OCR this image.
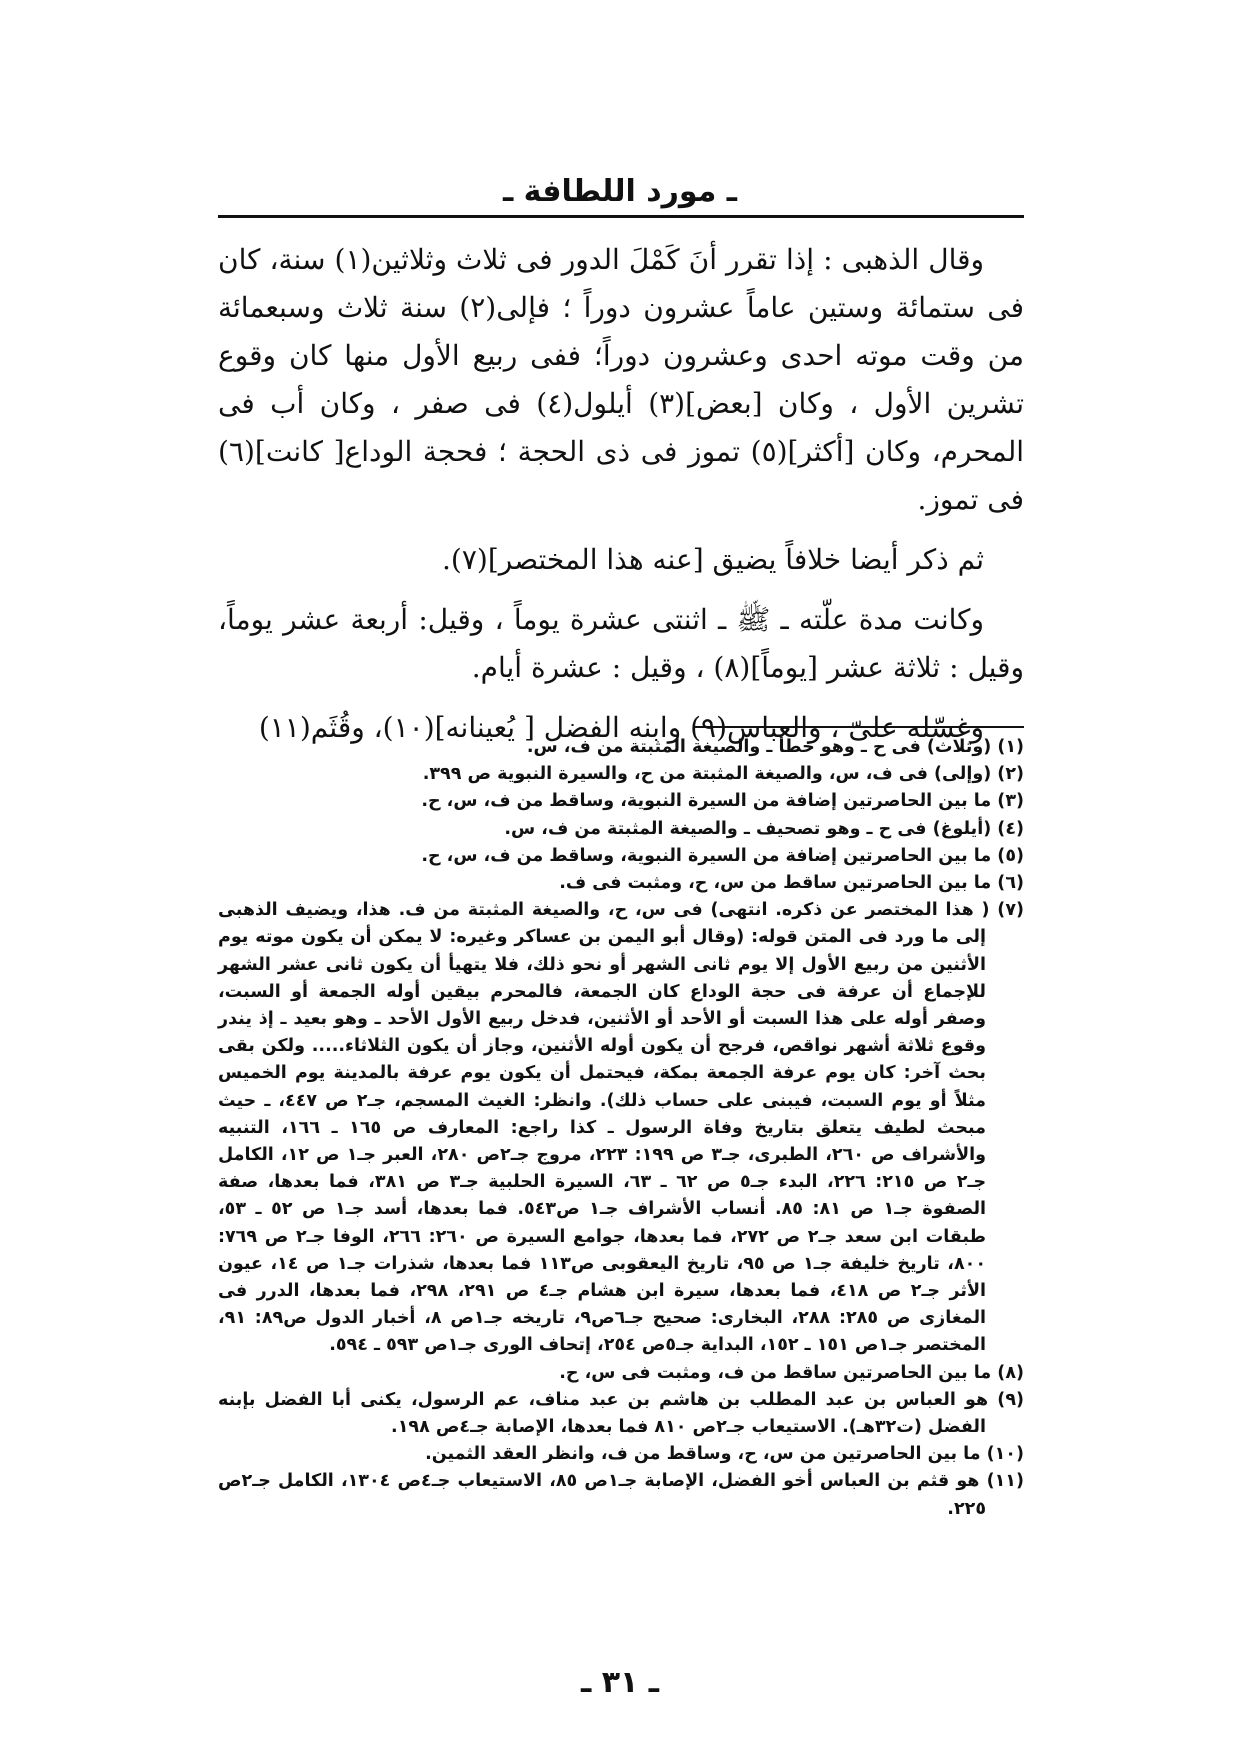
ـ مورد اللطافة ـ

وقال الذهبى : إذا تقرر أنَ كَمْلَ الدور فى ثلاث وثلاثين(١) سنة، كان فى ستمائة وستين عاماً عشرون دوراً ؛ فإلى(٢) سنة ثلاث وسبعمائة من وقت موته احدى وعشرون دوراً؛ ففى ربيع الأول منها كان وقوع تشرين الأول ، وكان [بعض](٣) أيلول(٤) فى صفر ، وكان أب فى المحرم، وكان [أكثر](٥) تموز فى ذى الحجة ؛ فحجة الوداع[ كانت](٦) فى تموز.

ثم ذكر أيضا خلافاً يضيق [عنه هذا المختصر](٧).

وكانت مدة علّته ـ ﷺ ـ اثنتى عشرة يوماً ، وقيل: أربعة عشر يوماً، وقيل : ثلاثة عشر [يوماً](٨) ، وقيل : عشرة أيام.

وغسّله علىّ ، والعباس(٩) وابنه الفضل [ يُعينانه](١٠)، وقُثَم(١١)

(١) (وثلاث) فى ح ـ وهو خطأ ـ والصيغة المثبتة من ف، س.
(٢) (وإلى) فى ف، س، والصيغة المثبتة من ح، والسيرة النبوية ص ٣٩٩.
(٣) ما بين الحاصرتين إضافة من السيرة النبوية، وساقط من ف، س، ح.
(٤) (أيلوغ) فى ح ـ وهو تصحيف ـ والصيغة المثبتة من ف، س.
(٥) ما بين الحاصرتين إضافة من السيرة النبوية، وساقط من ف، س، ح.
(٦) ما بين الحاصرتين ساقط من س، ح، ومثبت فى ف.
(٧) ( هذا المختصر عن ذكره. انتهى) فى س، ح، والصيغة المثبتة من ف. هذا، ويضيف الذهبى إلى ما ورد فى المتن قوله: (وقال أبو اليمن بن عساكر وغيره: لا يمكن أن يكون موته يوم الأثنين من ربيع الأول إلا يوم ثانى الشهر أو نحو ذلك، فلا يتهيأ أن يكون ثانى عشر الشهر للإجماع أن عرفة فى حجة الوداع كان الجمعة، فالمحرم بيقين أوله الجمعة أو السبت، وصفر أوله على هذا السبت أو الأحد أو الأثنين، فدخل ربيع الأول الأحد ـ وهو بعيد ـ إذ يندر وقوع ثلاثة أشهر نواقص، فرجح أن يكون أوله الأثنين، وجاز أن يكون الثلاثاء..... ولكن بقى بحث آخر: كان يوم عرفة الجمعة بمكة، فيحتمل أن يكون يوم عرفة بالمدينة يوم الخميس مثلاً أو يوم السبت، فيبنى على حساب ذلك). وانظر: الغيث المسجم، جـ٢ ص ٤٤٧، ـ حيث مبحث لطيف يتعلق بتاريخ وفاة الرسول ـ كذا راجع: المعارف ص ١٦٥ ـ ١٦٦، التنبيه والأشراف ص ٢٦٠، الطبرى، جـ٣ ص ١٩٩: ٢٢٣، مروج جـ٢ص ٢٨٠، العبر جـ١ ص ١٢، الكامل جـ٢ ص ٢١٥: ٢٢٦، البدء جـ٥ ص ٦٢ ـ ٦٣، السيرة الحلبية جـ٣ ص ٣٨١، فما بعدها، صفة الصفوة جـ١ ص ٨١: ٨٥. أنساب الأشراف جـ١ ص٥٤٣. فما بعدها، أسد جـ١ ص ٥٢ ـ ٥٣، طبقات ابن سعد جـ٢ ص ٢٧٢، فما بعدها، جوامع السيرة ص ٢٦٠: ٢٦٦، الوفا جـ٢ ص ٧٦٩: ٨٠٠، تاريخ خليفة جـ١ ص ٩٥، تاريخ اليعقوبى ص١١٣ فما بعدها، شذرات جـ١ ص ١٤، عيون الأثر جـ٢ ص ٤١٨، فما بعدها، سيرة ابن هشام جـ٤ ص ٢٩١، ٢٩٨، فما بعدها، الدرر فى المغازى ص ٢٨٥: ٢٨٨، البخارى: صحيح جـ٦ص٩، تاريخه جـ١ص ٨، أخبار الدول ص٨٩: ٩١، المختصر جـ١ص ١٥١ ـ ١٥٢، البداية جـ٥ص ٢٥٤، إتحاف الورى جـ١ص ٥٩٣ ـ ٥٩٤.
(٨) ما بين الحاصرتين ساقط من ف، ومثبت فى س، ح.
(٩) هو العباس بن عبد المطلب بن هاشم بن عبد مناف، عم الرسول، يكنى أبا الفضل بإبنه الفضل (ت٣٢هـ). الاستيعاب جـ٢ص ٨١٠ فما بعدها، الإصابة جـ٤ص ١٩٨.
(١٠) ما بين الحاصرتين من س، ح، وساقط من ف، وانظر العقد الثمين.
(١١) هو قثم بن العباس أخو الفضل، الإصابة جـ١ص ٨٥، الاستيعاب جـ٤ص ١٣٠٤، الكامل جـ٢ص ٢٢٥.
ـ ٣١ ـ
